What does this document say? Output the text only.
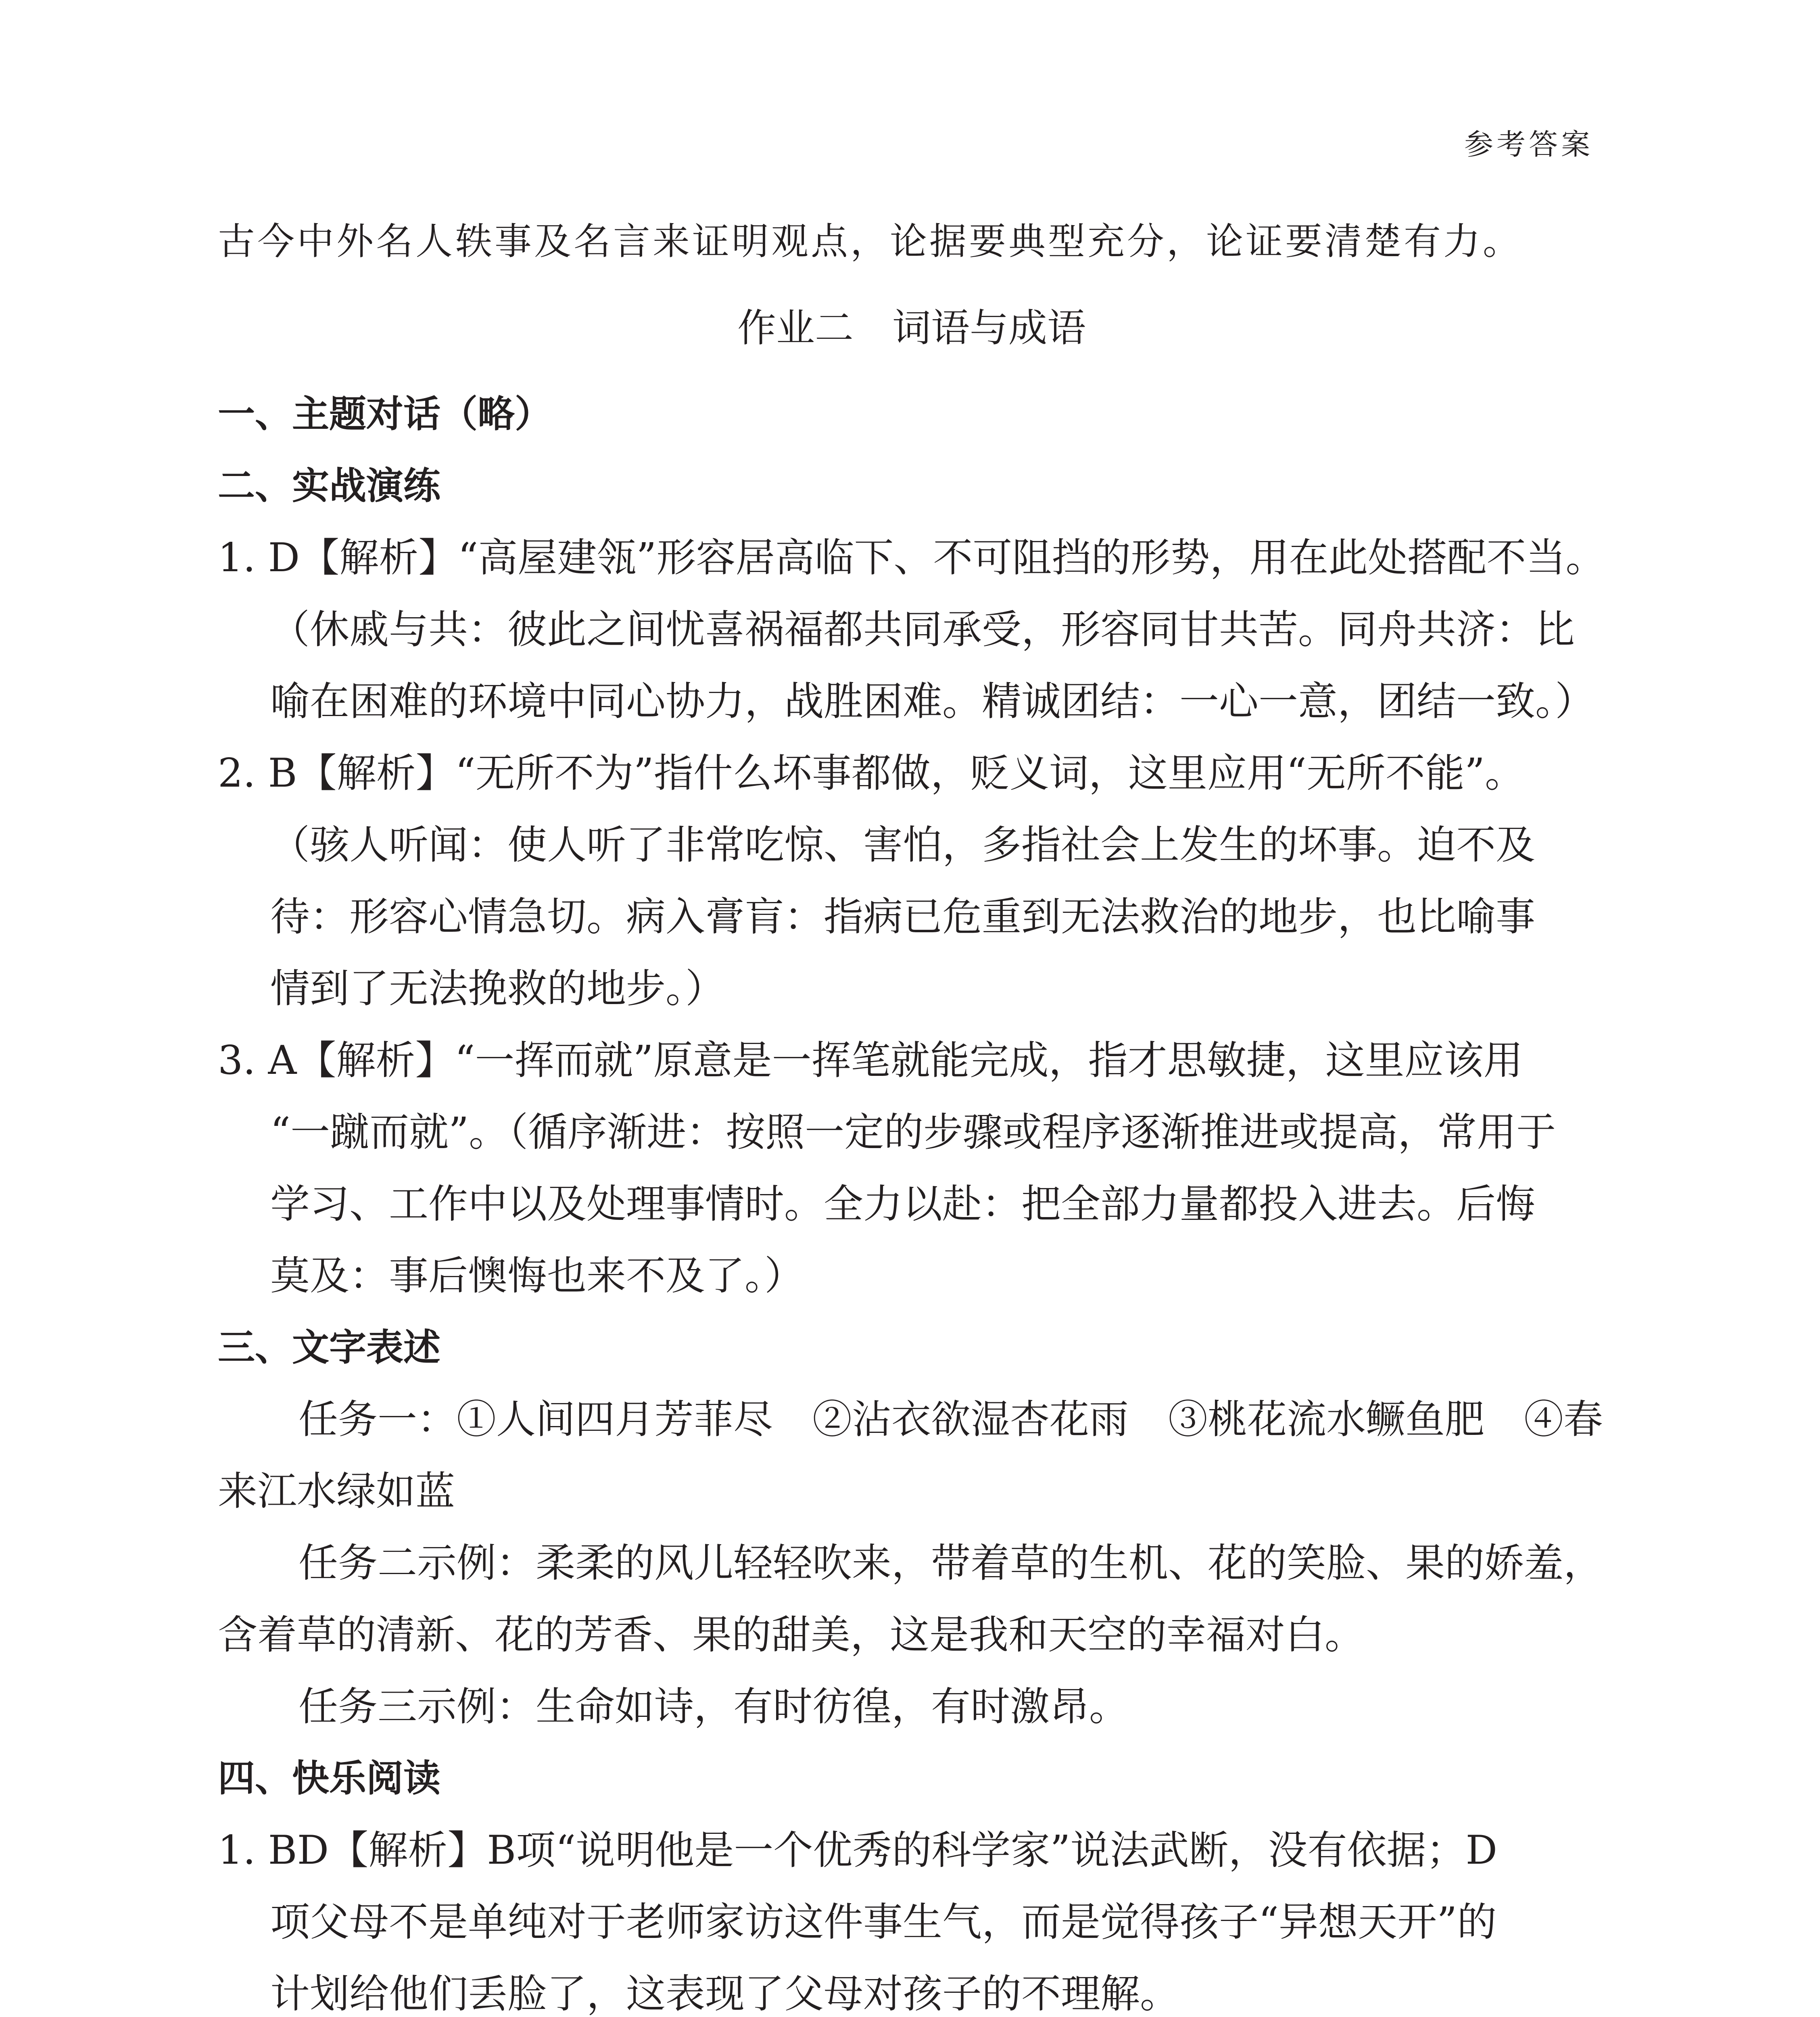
参考答案
古今中外名人轶事及名言来证明观点，论据要典型充分，论证要清楚有力。
作业二　词语与成语
一、主题对话（略）
二、实战演练
1. D【解析】“高屋建瓴”形容居高临下、不可阻挡的形势，用在此处搭配不当。
（休戚与共：彼此之间忧喜祸福都共同承受，形容同甘共苦。同舟共济：比
喻在困难的环境中同心协力，战胜困难。精诚团结：一心一意，团结一致。）
2. B【解析】“无所不为”指什么坏事都做，贬义词，这里应用“无所不能”。
（骇人听闻：使人听了非常吃惊、害怕，多指社会上发生的坏事。迫不及
待：形容心情急切。病入膏肓：指病已危重到无法救治的地步，也比喻事
情到了无法挽救的地步。）
3. A【解析】“一挥而就”原意是一挥笔就能完成，指才思敏捷，这里应该用
“一蹴而就”。（循序渐进：按照一定的步骤或程序逐渐推进或提高，常用于
学习、工作中以及处理事情时。全力以赴：把全部力量都投入进去。后悔
莫及：事后懊悔也来不及了。）
三、文字表述
任务一：①人间四月芳菲尽　②沾衣欲湿杏花雨　③桃花流水鳜鱼肥　④春
来江水绿如蓝
任务二示例：柔柔的风儿轻轻吹来，带着草的生机、花的笑脸、果的娇羞，
含着草的清新、花的芳香、果的甜美，这是我和天空的幸福对白。
任务三示例：生命如诗，有时彷徨，有时激昂。
四、快乐阅读
1. BD【解析】B项“说明他是一个优秀的科学家”说法武断，没有依据；D
项父母不是单纯对于老师家访这件事生气，而是觉得孩子“异想天开”的
计划给他们丢脸了，这表现了父母对孩子的不理解。
